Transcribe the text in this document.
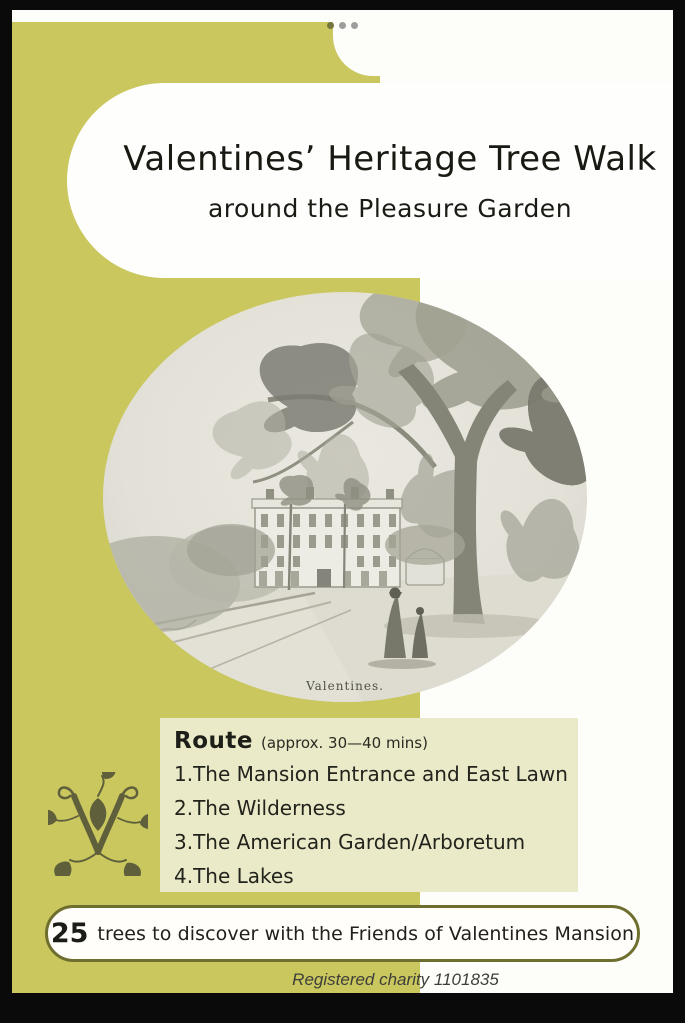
Valentines’ Heritage Tree Walk
around the Pleasure Garden
Valentines.
Route (approx. 30—40 mins)
1.The Mansion Entrance and East Lawn
2.The Wilderness
3.The American Garden/Arboretum
4.The Lakes
25 trees to discover with the Friends of Valentines Mansion
Registered charity 1101835
